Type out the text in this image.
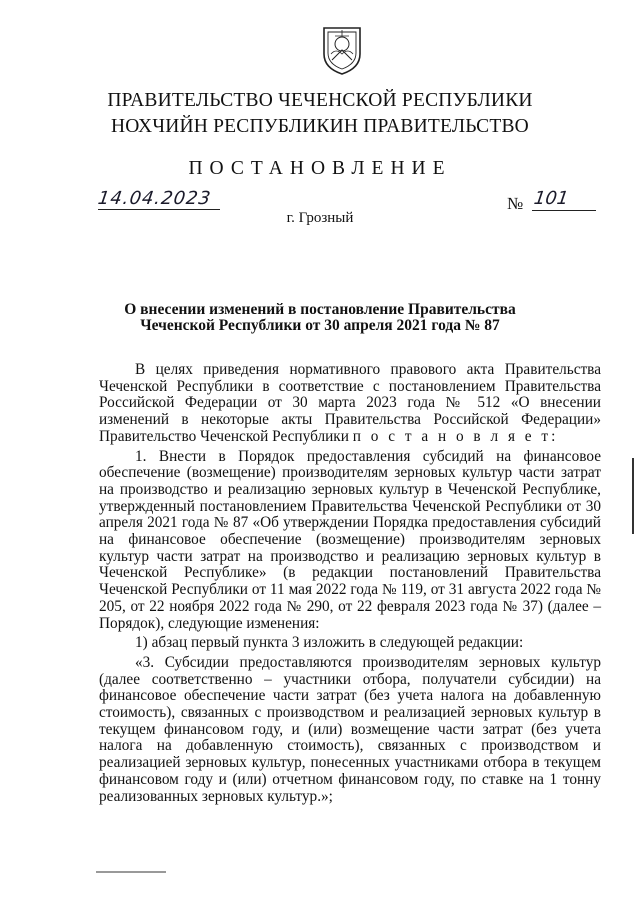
ПРАВИТЕЛЬСТВО ЧЕЧЕНСКОЙ РЕСПУБЛИКИ
НОХЧИЙН РЕСПУБЛИКИН ПРАВИТЕЛЬСТВО
ПОСТАНОВЛЕНИЕ
14.04.2023
г. Грозный
№ 101
О внесении изменений в постановление Правительства
Чеченской Республики от 30 апреля 2021 года № 87

В целях приведения нормативного правового акта Правительства Чеченской Республики в соответствие с постановлением Правительства Российской Федерации от 30 марта 2023 года № 512 «О внесении изменений в некоторые акты Правительства Российской Федерации» Правительство Чеченской Республики п о с т а н о в л я е т:

1. Внести в Порядок предоставления субсидий на финансовое обеспечение (возмещение) производителям зерновых культур части затрат на производство и реализацию зерновых культур в Чеченской Республике, утвержденный постановлением Правительства Чеченской Республики от 30 апреля 2021 года № 87 «Об утверждении Порядка предоставления субсидий на финансовое обеспечение (возмещение) производителям зерновых культур части затрат на производство и реализацию зерновых культур в Чеченской Республике» (в редакции постановлений Правительства Чеченской Республики от 11 мая 2022 года № 119, от 31 августа 2022 года № 205, от 22 ноября 2022 года № 290, от 22 февраля 2023 года № 37) (далее – Порядок), следующие изменения:

1) абзац первый пункта 3 изложить в следующей редакции:

«3. Субсидии предоставляются производителям зерновых культур (далее соответственно – участники отбора, получатели субсидии) на финансовое обеспечение части затрат (без учета налога на добавленную стоимость), связанных с производством и реализацией зерновых культур в текущем финансовом году, и (или) возмещение части затрат (без учета налога на добавленную стоимость), связанных с производством и реализацией зерновых культур, понесенных участниками отбора в текущем финансовом году и (или) отчетном финансовом году, по ставке на 1 тонну реализованных зерновых культур.»;
